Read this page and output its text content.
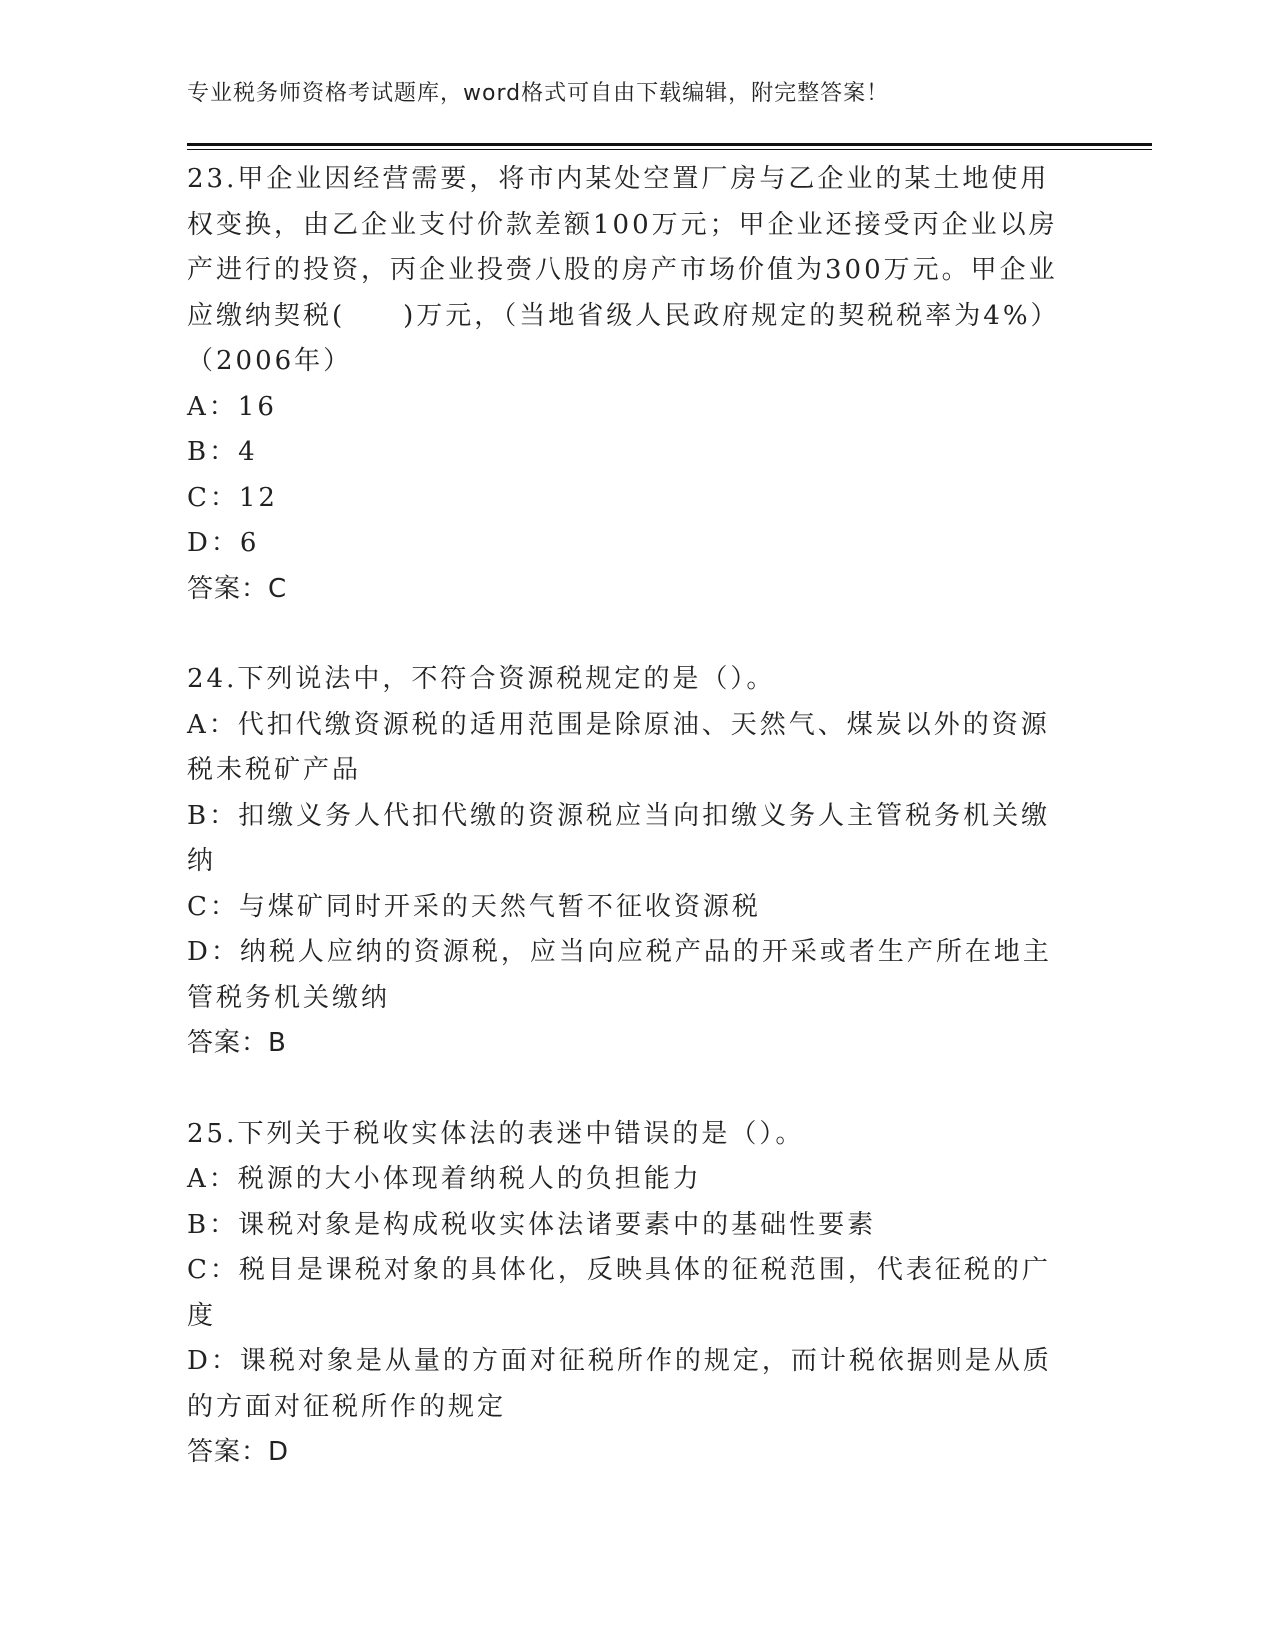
专业税务师资格考试题库，word格式可自由下载编辑，附完整答案！

23.甲企业因经营需要，将市内某处空置厂房与乙企业的某土地使用权变换，由乙企业支付价款差额100万元；甲企业还接受丙企业以房产进行的投资，丙企业投赍八股的房产市场价值为300万元。甲企业应缴纳契税(　　)万元，（当地省级人民政府规定的契税税率为4%）（2006年）

A：16

B：4

C：12

D：6

答案：C

24.下列说法中，不符合资源税规定的是（）。

A：代扣代缴资源税的适用范围是除原油、天然气、煤炭以外的资源税未税矿产品

B：扣缴义务人代扣代缴的资源税应当向扣缴义务人主管税务机关缴纳

C：与煤矿同时开采的天然气暂不征收资源税

D：纳税人应纳的资源税，应当向应税产品的开采或者生产所在地主管税务机关缴纳

答案：B

25.下列关于税收实体法的表迷中错误的是（）。

A：税源的大小体现着纳税人的负担能力

B：课税对象是构成税收实体法诸要素中的基础性要素

C：税目是课税对象的具体化，反映具体的征税范围，代表征税的广度

D：课税对象是从量的方面对征税所作的规定，而计税依据则是从质的方面对征税所作的规定

答案：D
